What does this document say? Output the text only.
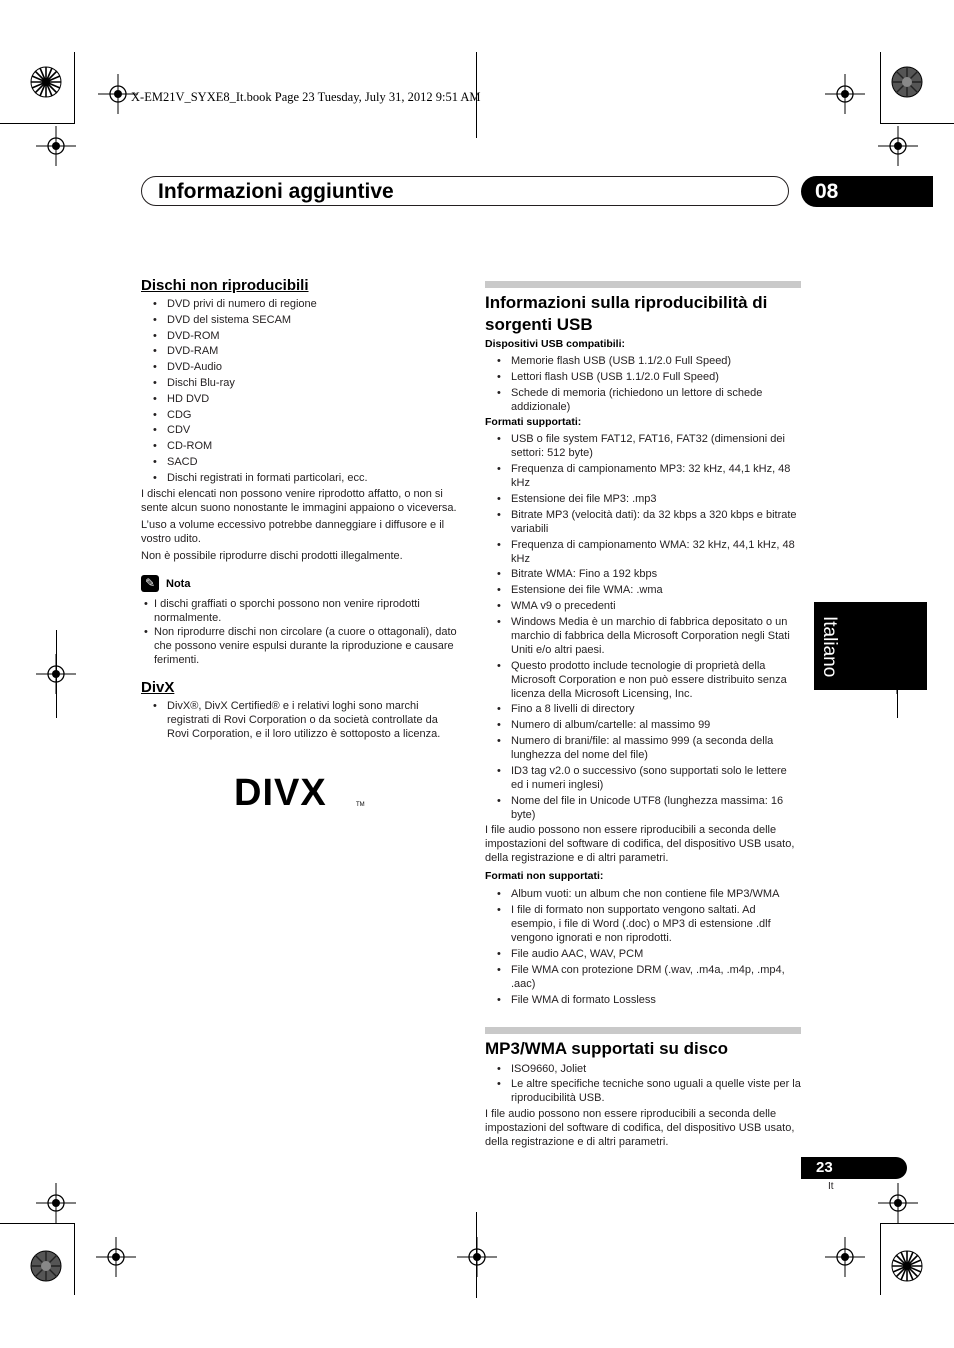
X-EM21V_SYXE8_It.book Page 23 Tuesday, July 31, 2012 9:51 AM
Informazioni aggiuntive	08
Italiano
Dischi non riproducibili
• DVD privi di numero di regione
• DVD del sistema SECAM
• DVD-ROM
• DVD-RAM
• DVD-Audio
• Dischi Blu-ray
• HD DVD
• CDG
• CDV
• CD-ROM
• SACD
• Dischi registrati in formati particolari, ecc.

I dischi elencati non possono venire riprodotto affatto, o non si sente alcun suono nonostante le immagini appaiono o viceversa.

L’uso a volume eccessivo potrebbe danneggiare i diffusore e il vostro udito.

Non è possibile riprodurre dischi prodotti illegalmente.

✎ Nota
• I dischi graffiati o sporchi possono non venire riprodotti normalmente.
• Non riprodurre dischi non circolare (a cuore o ottagonali), dato che possono venire espulsi durante la riproduzione e causare ferimenti.
DivX
• DivX®, DivX Certified® e i relativi loghi sono marchi registrati di Rovi Corporation o da società controllate da Rovi Corporation, e il loro utilizzo è sottoposto a licenza.
DIVX	TM
Informazioni sulla riproducibilità di sorgenti USB

Dispositivi USB compatibili:

• Memorie flash USB (USB 1.1/2.0 Full Speed)
• Lettori flash USB (USB 1.1/2.0 Full Speed)
• Schede di memoria (richiedono un lettore di schede addizionale)

Formati supportati:

• USB o file system FAT12, FAT16, FAT32 (dimensioni dei settori: 512 byte)
• Frequenza di campionamento MP3: 32 kHz, 44,1 kHz, 48 kHz
• Estensione dei file MP3: .mp3
• Bitrate MP3 (velocità dati): da 32 kbps a 320 kbps e bitrate variabili
• Frequenza di campionamento WMA: 32 kHz, 44,1 kHz, 48 kHz
• Bitrate WMA: Fino a 192 kbps
• Estensione dei file WMA: .wma
• WMA v9 o precedenti
• Windows Media è un marchio di fabbrica depositato o un marchio di fabbrica della Microsoft Corporation negli Stati Uniti e/o altri paesi.
• Questo prodotto include tecnologie di proprietà della Microsoft Corporation e non può essere distribuito senza licenza della Microsoft Licensing, Inc.
• Fino a 8 livelli di directory
• Numero di album/cartelle: al massimo 99
• Numero di brani/file: al massimo 999 (a seconda della lunghezza del nome del file)
• ID3 tag v2.0 o successivo (sono supportati solo le lettere ed i numeri inglesi)
• Nome del file in Unicode UTF8 (lunghezza massima: 16 byte)

I file audio possono non essere riproducibili a seconda delle impostazioni del software di codifica, del dispositivo USB usato, della registrazione e di altri parametri.

Formati non supportati:

• Album vuoti: un album che non contiene file MP3/WMA
• I file di formato non supportato vengono saltati. Ad esempio, i file di Word (.doc) o MP3 di estensione .dlf vengono ignorati e non riprodotti.
• File audio AAC, WAV, PCM
• File WMA con protezione DRM (.wav, .m4a, .m4p, .mp4, .aac)
• File WMA di formato Lossless
MP3/WMA supportati su disco
• ISO9660, Joliet
• Le altre specifiche tecniche sono uguali a quelle viste per la riproducibilità USB.

I file audio possono non essere riproducibili a seconda delle impostazioni del software di codifica, del dispositivo USB usato, della registrazione e di altri parametri.

23
It
